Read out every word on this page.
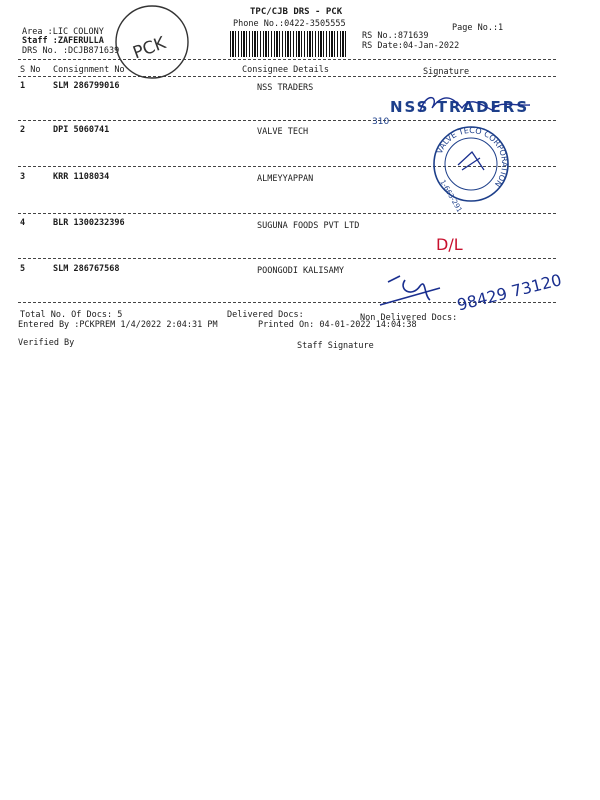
TPC/CJB DRS - PCK
Phone No.:0422-3505555	Page No.:1
Area :LIC COLONY
Staff :ZAFERULLA
DRS No. :DCJB871639
RS No.:871639
RS Date:04-Jan-2022
S No Consignment No	Consignee Details	Signature
1	SLM 286799016	NSS TRADERS
2	DPI 5060741	VALVE TECH
3	KRR 1108034	ALMEYYAPPAN
4	BLR 1300232396	SUGUNA FOODS PVT LTD
5	SLM 286767568	POONGODI KALISAMY
Total No. Of Docs: 5	Delivered Docs:	Non Delivered Docs:
Entered By :PCKPREM 1/4/2022 2:04:31 PM	Printed On: 04-01-2022 14:04:38
Verified By	Staff Signature
PCK
NSS TRADERS
310
VALVE TECO CORPORATION
1-663-291
D/L
98429 73120
